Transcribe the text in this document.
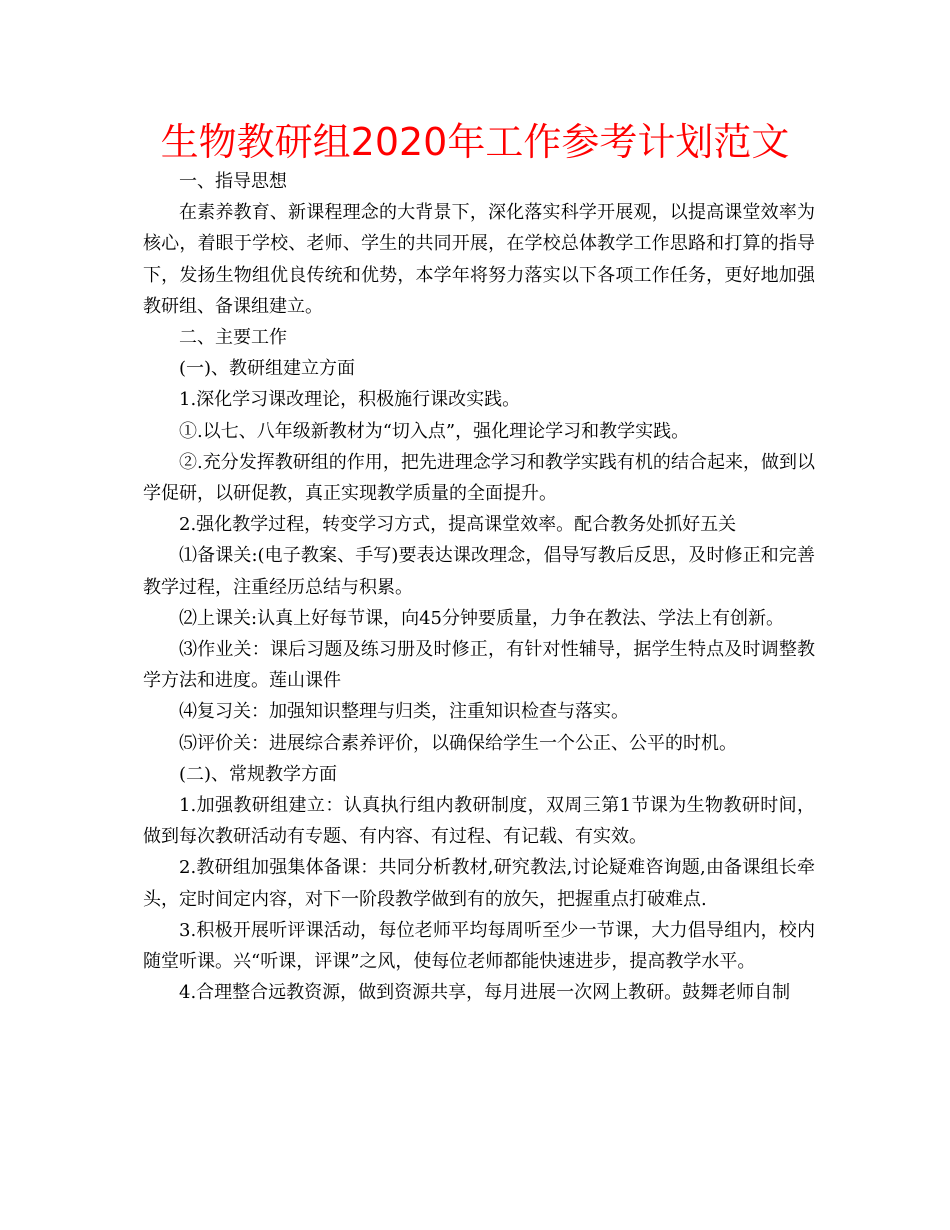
生物教研组2020年工作参考计划范文

一、指导思想

在素养教育、新课程理念的大背景下，深化落实科学开展观，以提高课堂效率为核心，着眼于学校、老师、学生的共同开展，在学校总体教学工作思路和打算的指导下，发扬生物组优良传统和优势，本学年将努力落实以下各项工作任务，更好地加强教研组、备课组建立。

二、主要工作

(一)、教研组建立方面

1.深化学习课改理论，积极施行课改实践。

①.以七、八年级新教材为“切入点”，强化理论学习和教学实践。

②.充分发挥教研组的作用，把先进理念学习和教学实践有机的结合起来，做到以学促研，以研促教，真正实现教学质量的全面提升。

2.强化教学过程，转变学习方式，提高课堂效率。配合教务处抓好五关

⑴备课关:(电子教案、手写)要表达课改理念，倡导写教后反思，及时修正和完善教学过程，注重经历总结与积累。

⑵上课关:认真上好每节课，向45分钟要质量，力争在教法、学法上有创新。

⑶作业关：课后习题及练习册及时修正，有针对性辅导，据学生特点及时调整教学方法和进度。莲山课件

⑷复习关：加强知识整理与归类，注重知识检查与落实。

⑸评价关：进展综合素养评价，以确保给学生一个公正、公平的时机。

(二)、常规教学方面

1.加强教研组建立：认真执行组内教研制度，双周三第1节课为生物教研时间，做到每次教研活动有专题、有内容、有过程、有记载、有实效。

2.教研组加强集体备课：共同分析教材,研究教法,讨论疑难咨询题,由备课组长牵头，定时间定内容，对下一阶段教学做到有的放矢，把握重点打破难点.

3.积极开展听评课活动，每位老师平均每周听至少一节课，大力倡导组内，校内随堂听课。兴“听课，评课”之风，使每位老师都能快速进步，提高教学水平。

4.合理整合远教资源，做到资源共享，每月进展一次网上教研。鼓舞老师自制
